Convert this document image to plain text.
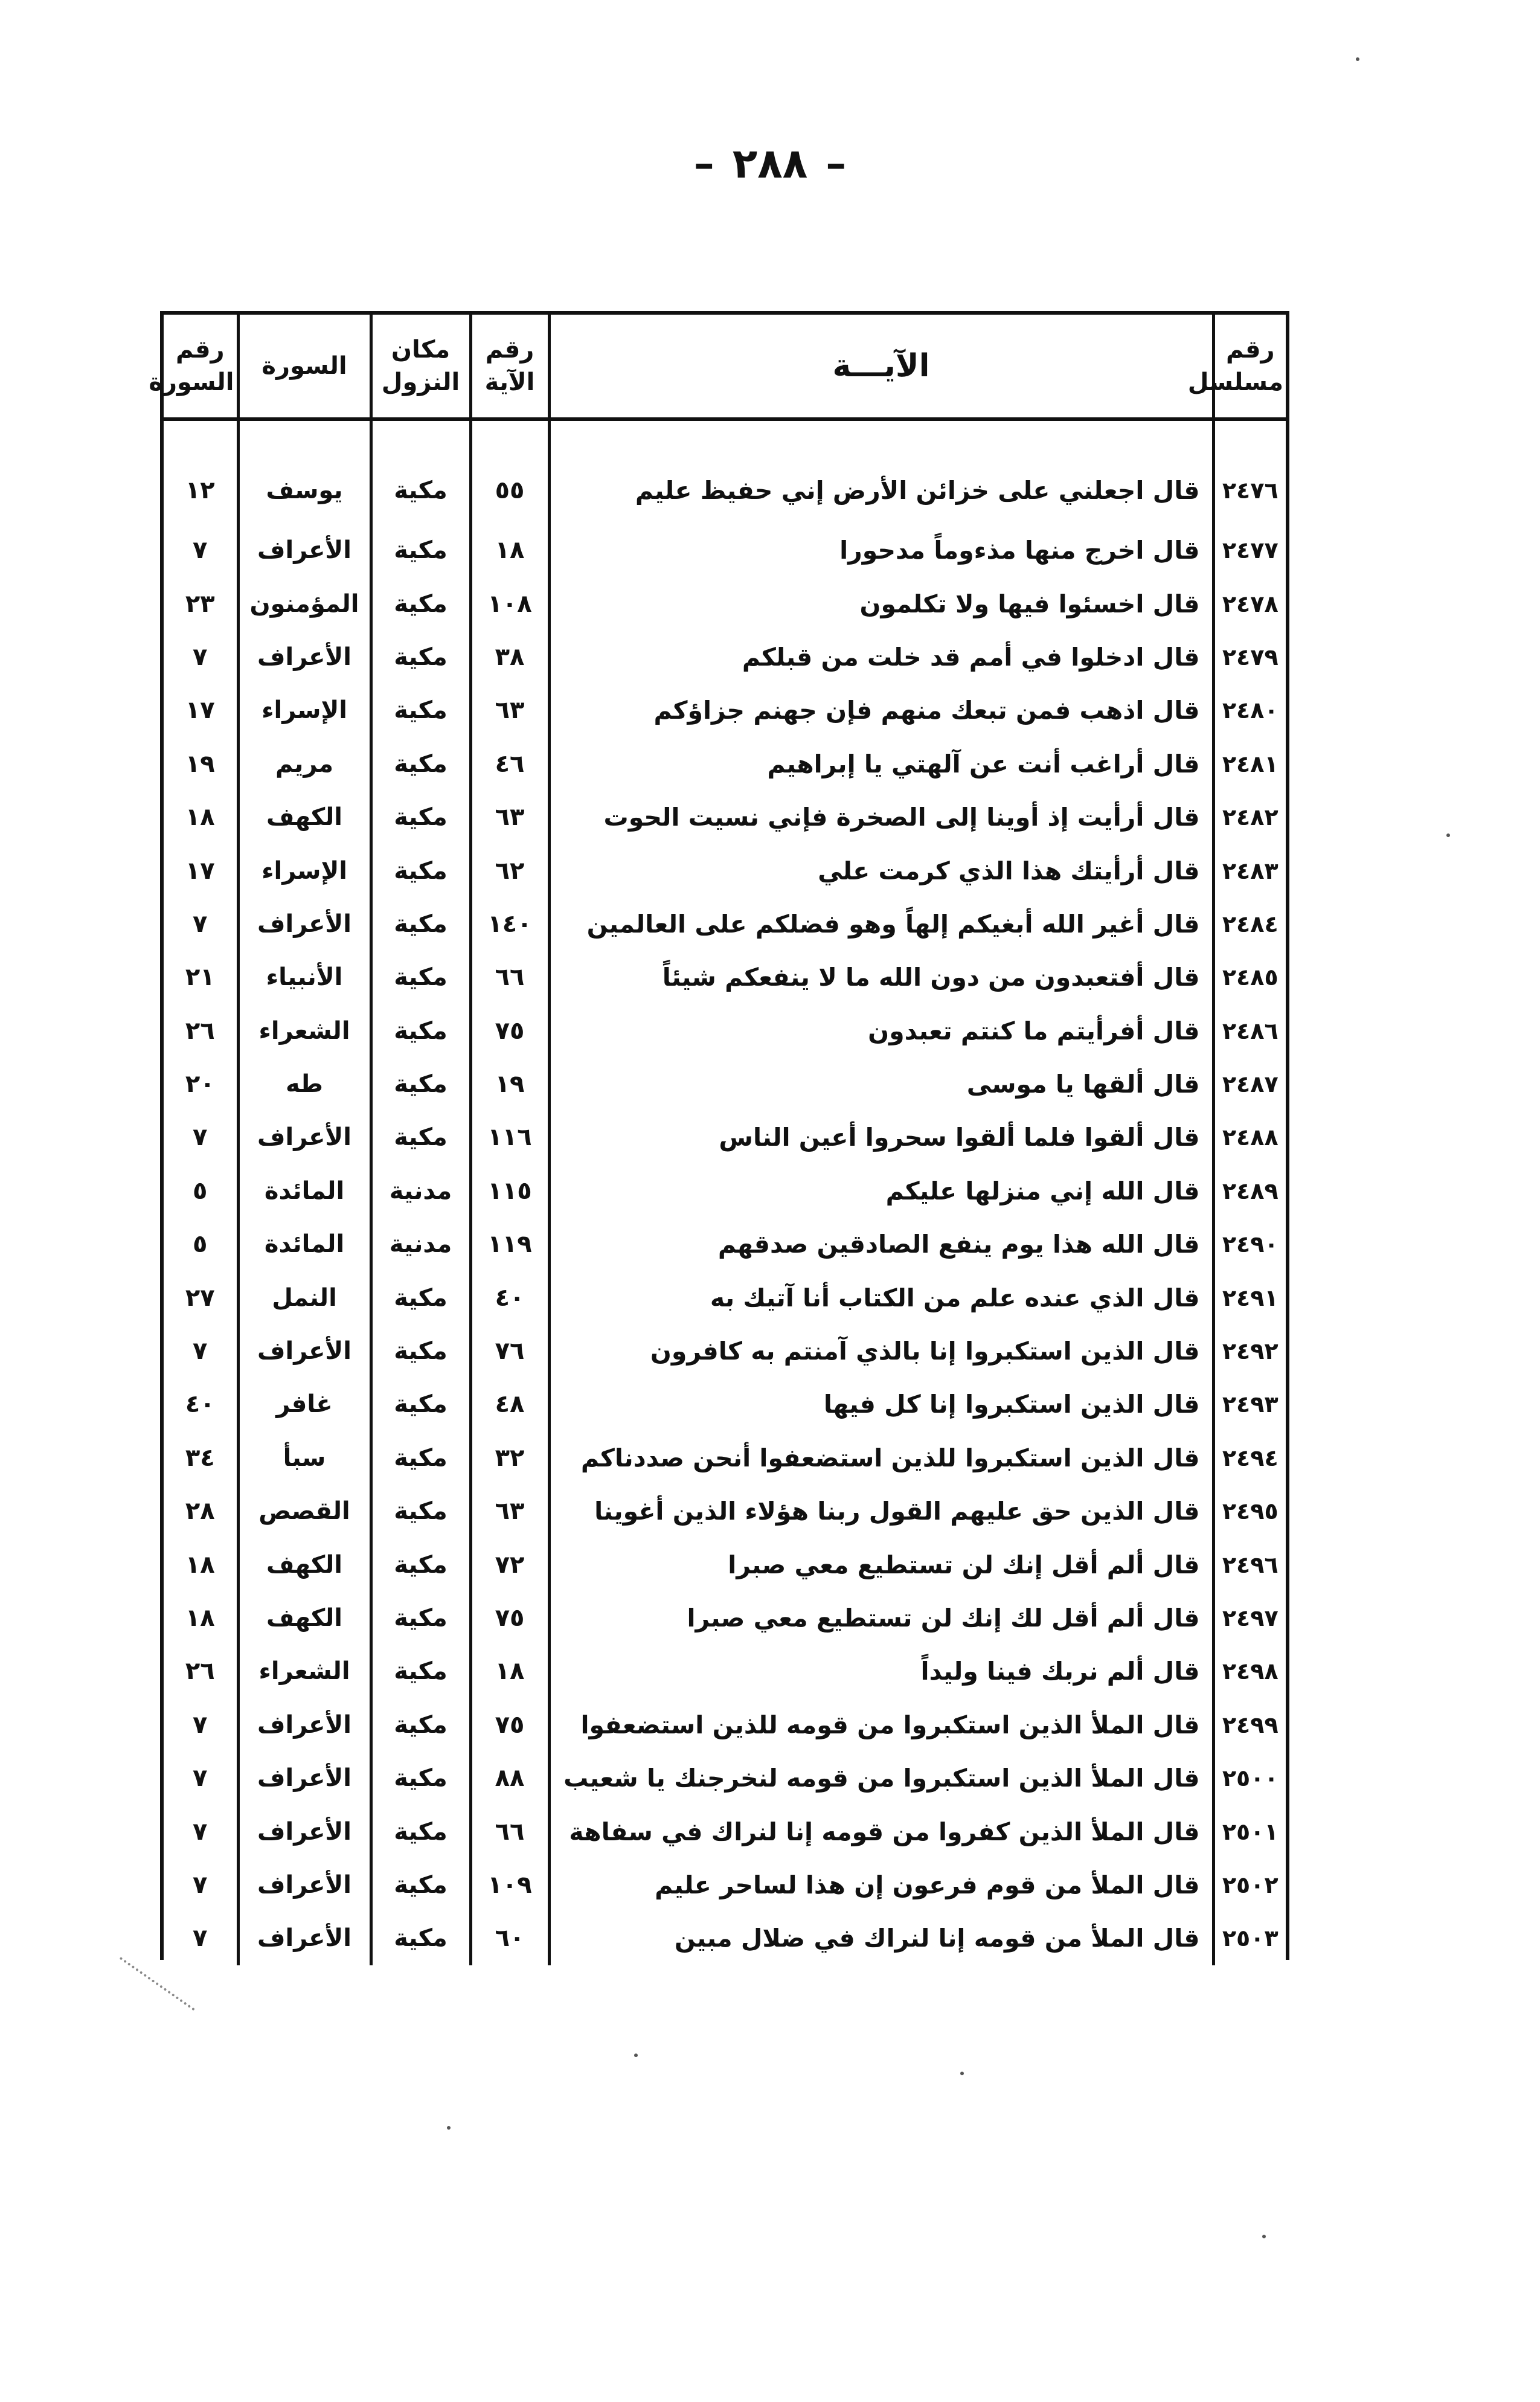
– ٢٨٨ –
رقم مسلسل	الآيـــة	رقم الآية	مكان النزول	السورة	رقم السورة
٢٤٧٦	قال اجعلني على خزائن الأرض إني حفيظ عليم	٥٥	مكية	يوسف	١٢
٢٤٧٧	قال اخرج منها مذءوماً مدحورا	١٨	مكية	الأعراف	٧
٢٤٧٨	قال اخسئوا فيها ولا تكلمون	١٠٨	مكية	المؤمنون	٢٣
٢٤٧٩	قال ادخلوا في أمم قد خلت من قبلكم	٣٨	مكية	الأعراف	٧
٢٤٨٠	قال اذهب فمن تبعك منهم فإن جهنم جزاؤكم	٦٣	مكية	الإسراء	١٧
٢٤٨١	قال أراغب أنت عن آلهتي يا إبراهيم	٤٦	مكية	مريم	١٩
٢٤٨٢	قال أرأيت إذ أوينا إلى الصخرة فإني نسيت الحوت	٦٣	مكية	الكهف	١٨
٢٤٨٣	قال أرأيتك هذا الذي كرمت علي	٦٢	مكية	الإسراء	١٧
٢٤٨٤	قال أغير الله أبغيكم إلهاً وهو فضلكم على العالمين	١٤٠	مكية	الأعراف	٧
٢٤٨٥	قال أفتعبدون من دون الله ما لا ينفعكم شيئاً	٦٦	مكية	الأنبياء	٢١
٢٤٨٦	قال أفرأيتم ما كنتم تعبدون	٧٥	مكية	الشعراء	٢٦
٢٤٨٧	قال ألقها يا موسى	١٩	مكية	طه	٢٠
٢٤٨٨	قال ألقوا فلما ألقوا سحروا أعين الناس	١١٦	مكية	الأعراف	٧
٢٤٨٩	قال الله إني منزلها عليكم	١١٥	مدنية	المائدة	٥
٢٤٩٠	قال الله هذا يوم ينفع الصادقين صدقهم	١١٩	مدنية	المائدة	٥
٢٤٩١	قال الذي عنده علم من الكتاب أنا آتيك به	٤٠	مكية	النمل	٢٧
٢٤٩٢	قال الذين استكبروا إنا بالذي آمنتم به كافرون	٧٦	مكية	الأعراف	٧
٢٤٩٣	قال الذين استكبروا إنا كل فيها	٤٨	مكية	غافر	٤٠
٢٤٩٤	قال الذين استكبروا للذين استضعفوا أنحن صددناكم	٣٢	مكية	سبأ	٣٤
٢٤٩٥	قال الذين حق عليهم القول ربنا هؤلاء الذين أغوينا	٦٣	مكية	القصص	٢٨
٢٤٩٦	قال ألم أقل إنك لن تستطيع معي صبرا	٧٢	مكية	الكهف	١٨
٢٤٩٧	قال ألم أقل لك إنك لن تستطيع معي صبرا	٧٥	مكية	الكهف	١٨
٢٤٩٨	قال ألم نربك فينا وليداً	١٨	مكية	الشعراء	٢٦
٢٤٩٩	قال الملأ الذين استكبروا من قومه للذين استضعفوا	٧٥	مكية	الأعراف	٧
٢٥٠٠	قال الملأ الذين استكبروا من قومه لنخرجنك يا شعيب	٨٨	مكية	الأعراف	٧
٢٥٠١	قال الملأ الذين كفروا من قومه إنا لنراك في سفاهة	٦٦	مكية	الأعراف	٧
٢٥٠٢	قال الملأ من قوم فرعون إن هذا لساحر عليم	١٠٩	مكية	الأعراف	٧
٢٥٠٣	قال الملأ من قومه إنا لنراك في ضلال مبين	٦٠	مكية	الأعراف	٧
